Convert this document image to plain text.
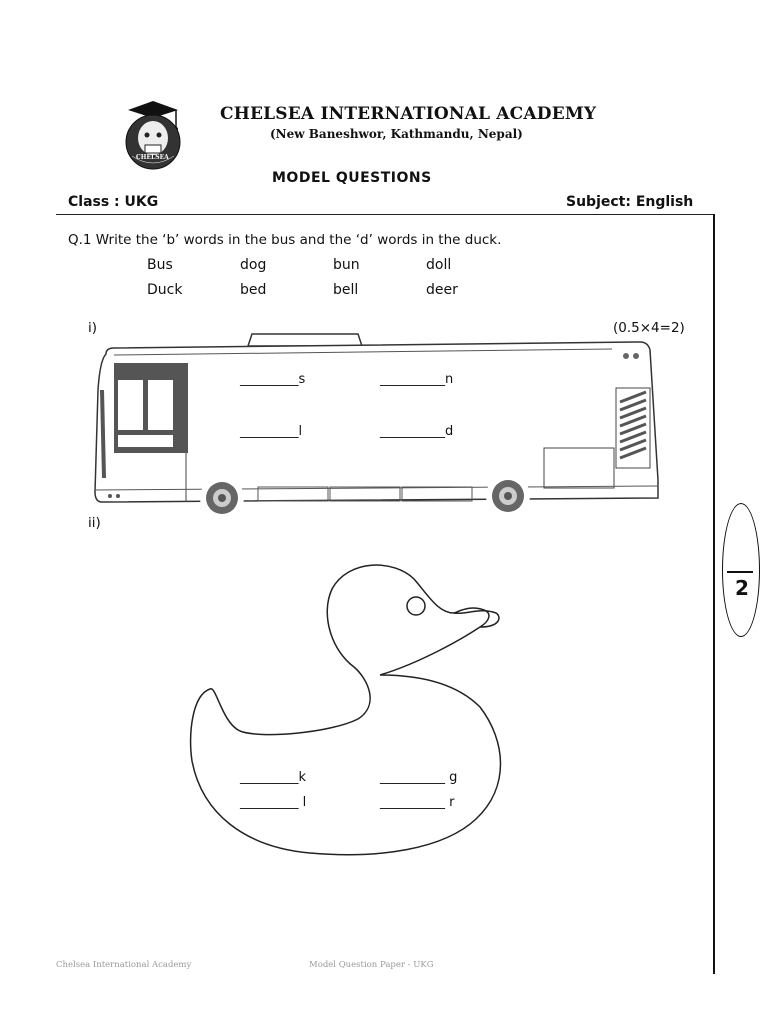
CHELSEA
CHELSEA INTERNATIONAL ACADEMY
(New Baneshwor, Kathmandu, Nepal)
MODEL QUESTIONS
Class : UKG	Subject: English
Q.1 Write the ‘b’ words in the bus and the ‘d’ words in the duck.
Bus	dog	bun	doll
Duck	bed	bell	deer
i)	(0.5×4=2)
_________s	__________n
_________l	__________d
ii)
_________k	__________ g
_________ l	__________ r
2
Chelsea International Academy	Model Question Paper - UKG
